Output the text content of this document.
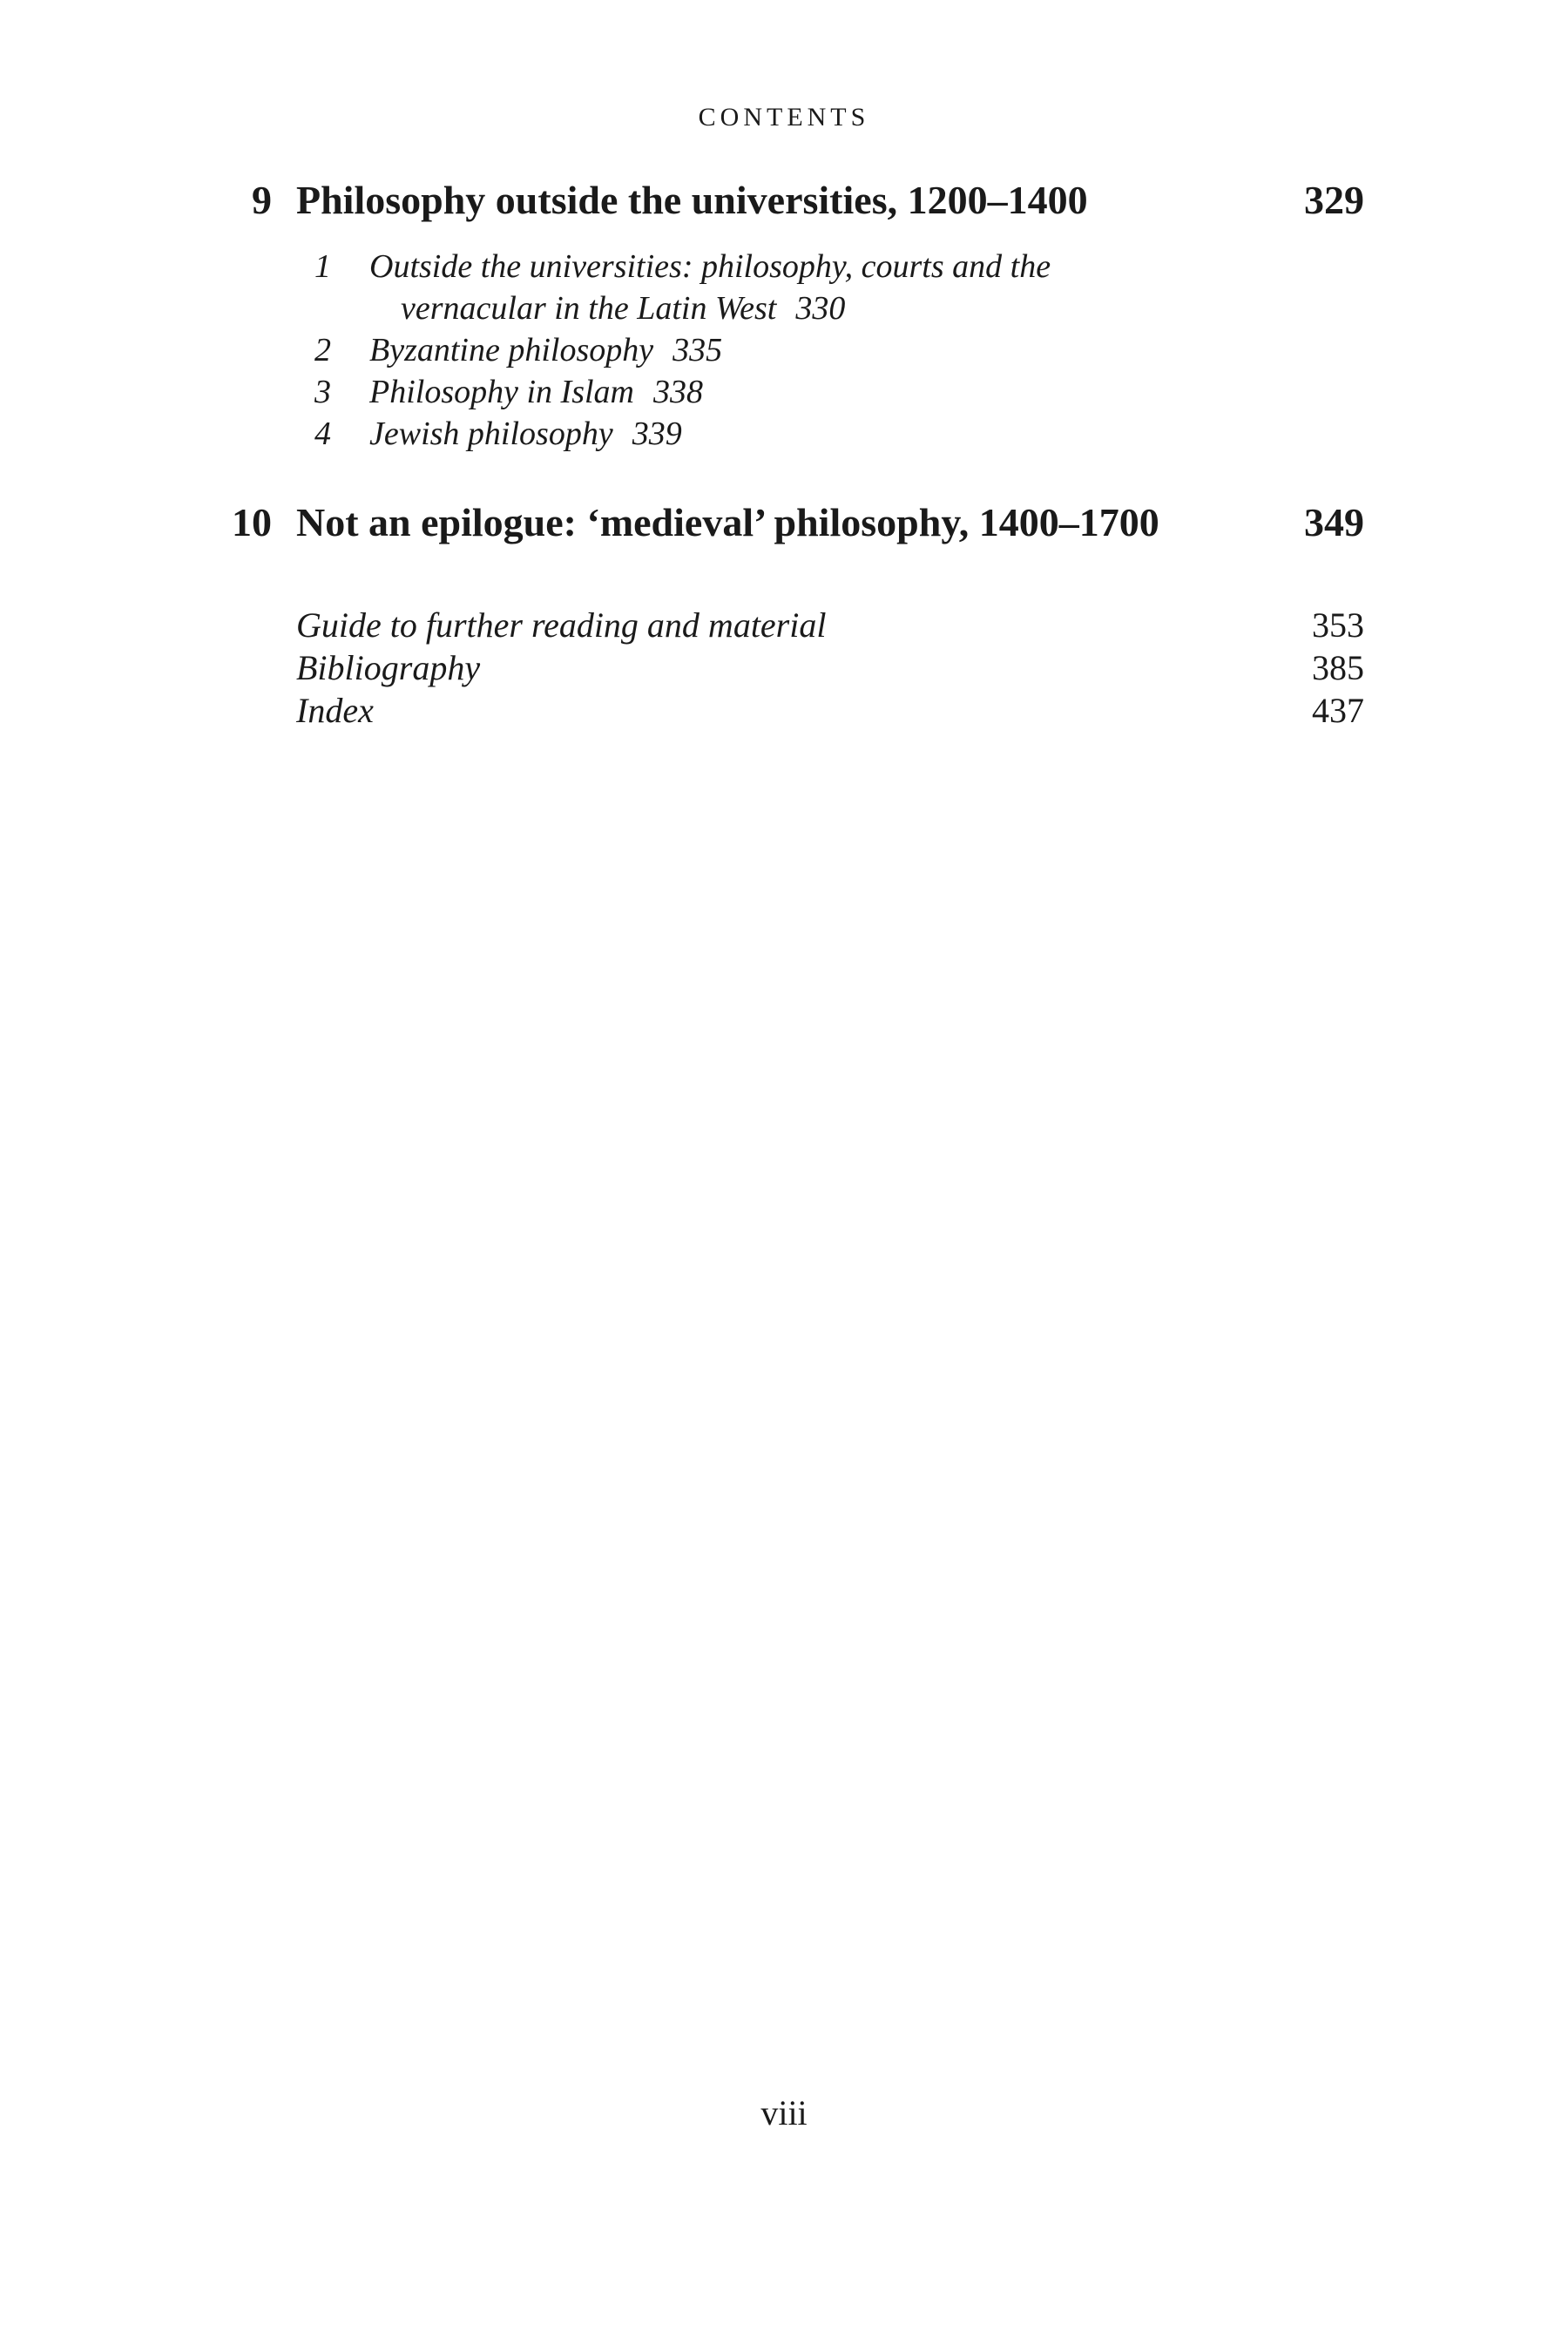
CONTENTS
9 Philosophy outside the universities, 1200–1400	329
1 Outside the universities: philosophy, courts and the
vernacular in the Latin West 330
2 Byzantine philosophy 335
3 Philosophy in Islam 338
4 Jewish philosophy 339
10 Not an epilogue: ‘medieval’ philosophy, 1400–1700	349
Guide to further reading and material	353
Bibliography	385
Index	437
viii
